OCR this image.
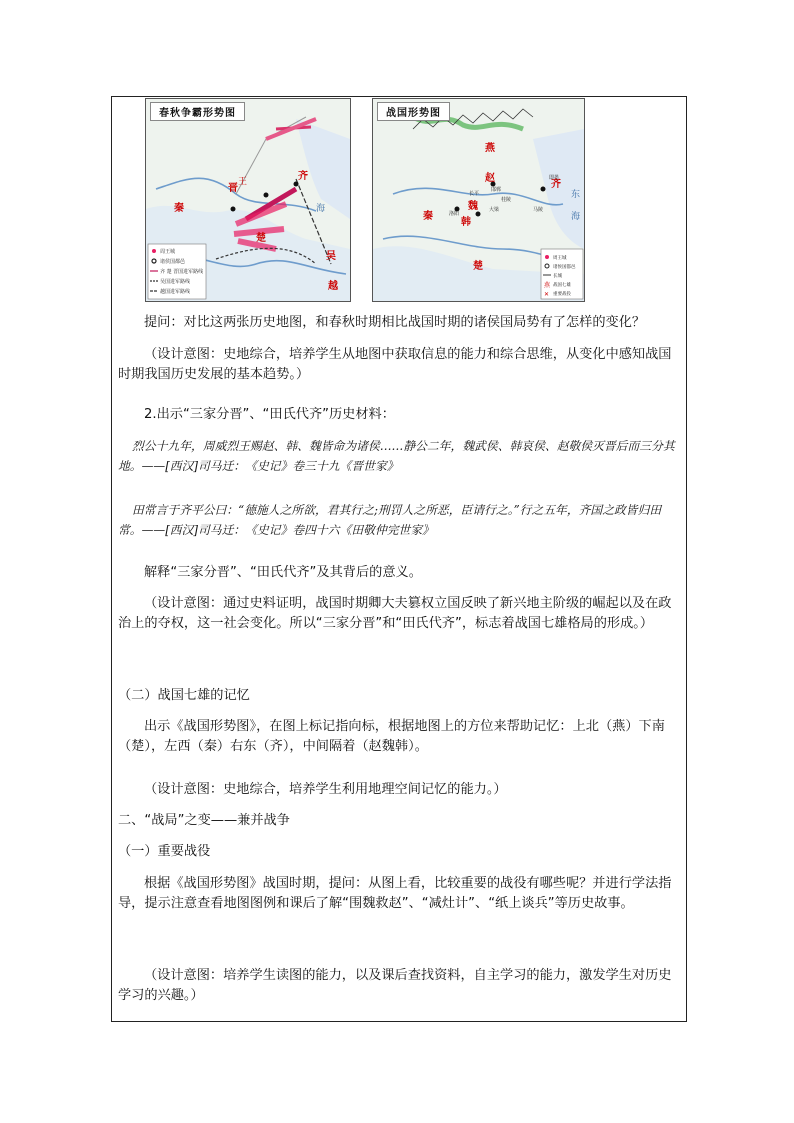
晋
王
秦
齐
楚
越
吴
海
周王城
诸侯国都邑
齐 楚 晋国进军路线
吴国进军路线
越国进军路线
春秋争霸形势图
燕
赵
齐
魏
秦
韩
楚
长平
洛阳
桂陵
马陵
即墨
邯郸
大梁
海
东
周王城
诸侯国都邑
长城
战国七雄
重要战役
燕
✕
战国形势图

提问：对比这两张历史地图，和春秋时期相比战国时期的诸侯国局势有了怎样的变化？

（设计意图：史地综合，培养学生从地图中获取信息的能力和综合思维，从变化中感知战国时期我国历史发展的基本趋势。）

2.出示“三家分晋”、“田氏代齐”历史材料：

烈公十九年，周威烈王赐赵、韩、魏皆命为诸侯……静公二年，魏武侯、韩哀侯、赵敬侯灭晋后而三分其地。——[西汉]司马迁：《史记》卷三十九《晋世家》

田常言于齐平公曰：“德施人之所欲，君其行之;刑罚人之所恶，臣请行之。”行之五年，齐国之政皆归田常。——[西汉]司马迁：《史记》卷四十六《田敬仲完世家》

解释“三家分晋”、“田氏代齐”及其背后的意义。

（设计意图：通过史料证明，战国时期卿大夫篡权立国反映了新兴地主阶级的崛起以及在政治上的夺权，这一社会变化。所以“三家分晋”和“田氏代齐”，标志着战国七雄格局的形成。）

（二）战国七雄的记忆

出示《战国形势图》，在图上标记指向标，根据地图上的方位来帮助记忆：上北（燕）下南（楚），左西（秦）右东（齐），中间隔着（赵魏韩）。

（设计意图：史地综合，培养学生利用地理空间记忆的能力。）

二、“战局”之变——兼并战争

（一）重要战役

根据《战国形势图》战国时期，提问：从图上看，比较重要的战役有哪些呢？并进行学法指导，提示注意查看地图图例和课后了解“围魏救赵”、“减灶计”、“纸上谈兵”等历史故事。

（设计意图：培养学生读图的能力，以及课后查找资料，自主学习的能力，激发学生对历史学习的兴趣。）
